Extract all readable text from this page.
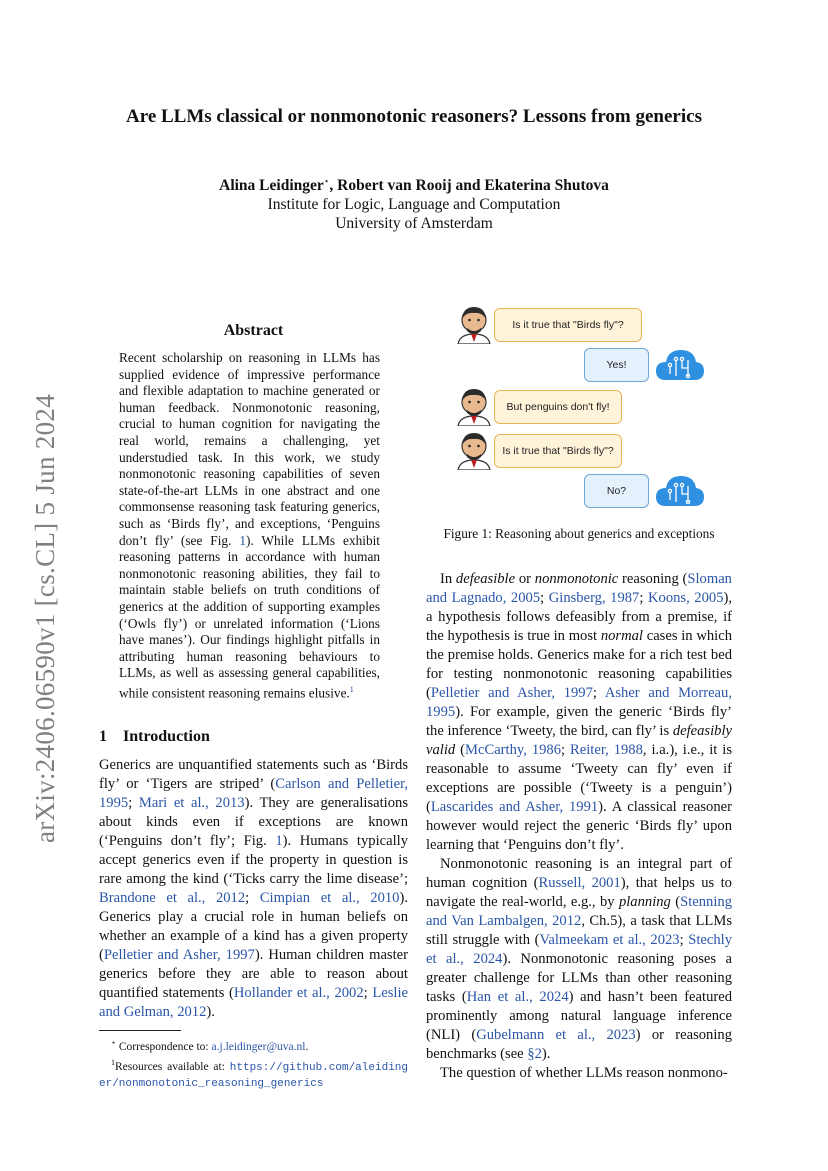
arXiv:2406.06590v1 [cs.CL] 5 Jun 2024
Are LLMs classical or nonmonotonic reasoners? Lessons from generics
Alina Leidinger⋆, Robert van Rooij and Ekaterina Shutova
Institute for Logic, Language and Computation
University of Amsterdam
Abstract

Recent scholarship on reasoning in LLMs has supplied evidence of impressive performance and flexible adaptation to machine generated or human feedback. Nonmonotonic reasoning, crucial to human cognition for navigating the real world, remains a challenging, yet understudied task. In this work, we study nonmonotonic reasoning capabilities of seven state-of-the-art LLMs in one abstract and one commonsense reasoning task featuring generics, such as ‘Birds fly’, and exceptions, ‘Penguins don’t fly’ (see Fig. 1). While LLMs exhibit reasoning patterns in accordance with human nonmonotonic reasoning abilities, they fail to maintain stable beliefs on truth conditions of generics at the addition of supporting examples (‘Owls fly’) or unrelated information (‘Lions have manes’). Our findings highlight pitfalls in attributing human reasoning behaviours to LLMs, as well as assessing general capabilities, while consistent reasoning remains elusive.$^1$

1 Introduction

Generics are unquantified statements such as ‘Birds fly’ or ‘Tigers are striped’ (Carlson and Pelletier, 1995; Mari et al., 2013). They are generalisations about kinds even if exceptions are known (‘Penguins don’t fly’; Fig. 1). Humans typically accept generics even if the property in question is rare among the kind (‘Ticks carry the lime disease’; Brandone et al., 2012; Cimpian et al., 2010). Generics play a crucial role in human beliefs on whether an example of a kind has a given property (Pelletier and Asher, 1997). Human children master generics before they are able to reason about quantified statements (Hollander et al., 2002; Leslie and Gelman, 2012).

⋆ Correspondence to: a.j.leidinger@uva.nl.

$^1$Resources available at: https://github.com/aleidinger/nonmonotonic_reasoning_generics

Is it true that "Birds fly"?
Yes!
But penguins don't fly!
Is it true that "Birds fly"?
No?
Figure 1: Reasoning about generics and exceptions

In defeasible or nonmonotonic reasoning (Sloman and Lagnado, 2005; Ginsberg, 1987; Koons, 2005), a hypothesis follows defeasibly from a premise, if the hypothesis is true in most normal cases in which the premise holds. Generics make for a rich test bed for testing nonmonotonic reasoning capabilities (Pelletier and Asher, 1997; Asher and Morreau, 1995). For example, given the generic ‘Birds fly’ the inference ‘Tweety, the bird, can fly’ is defeasibly valid (McCarthy, 1986; Reiter, 1988, i.a.), i.e., it is reasonable to assume ‘Tweety can fly’ even if exceptions are possible (‘Tweety is a penguin’) (Lascarides and Asher, 1991). A classical reasoner however would reject the generic ‘Birds fly’ upon learning that ‘Penguins don’t fly’.

Nonmonotonic reasoning is an integral part of human cognition (Russell, 2001), that helps us to navigate the real-world, e.g., by planning (Stenning and Van Lambalgen, 2012, Ch.5), a task that LLMs still struggle with (Valmeekam et al., 2023; Stechly et al., 2024). Nonmonotonic reasoning poses a greater challenge for LLMs than other reasoning tasks (Han et al., 2024) and hasn’t been featured prominently among natural language inference (NLI) (Gubelmann et al., 2023) or reasoning benchmarks (see §2).

The question of whether LLMs reason nonmono-
